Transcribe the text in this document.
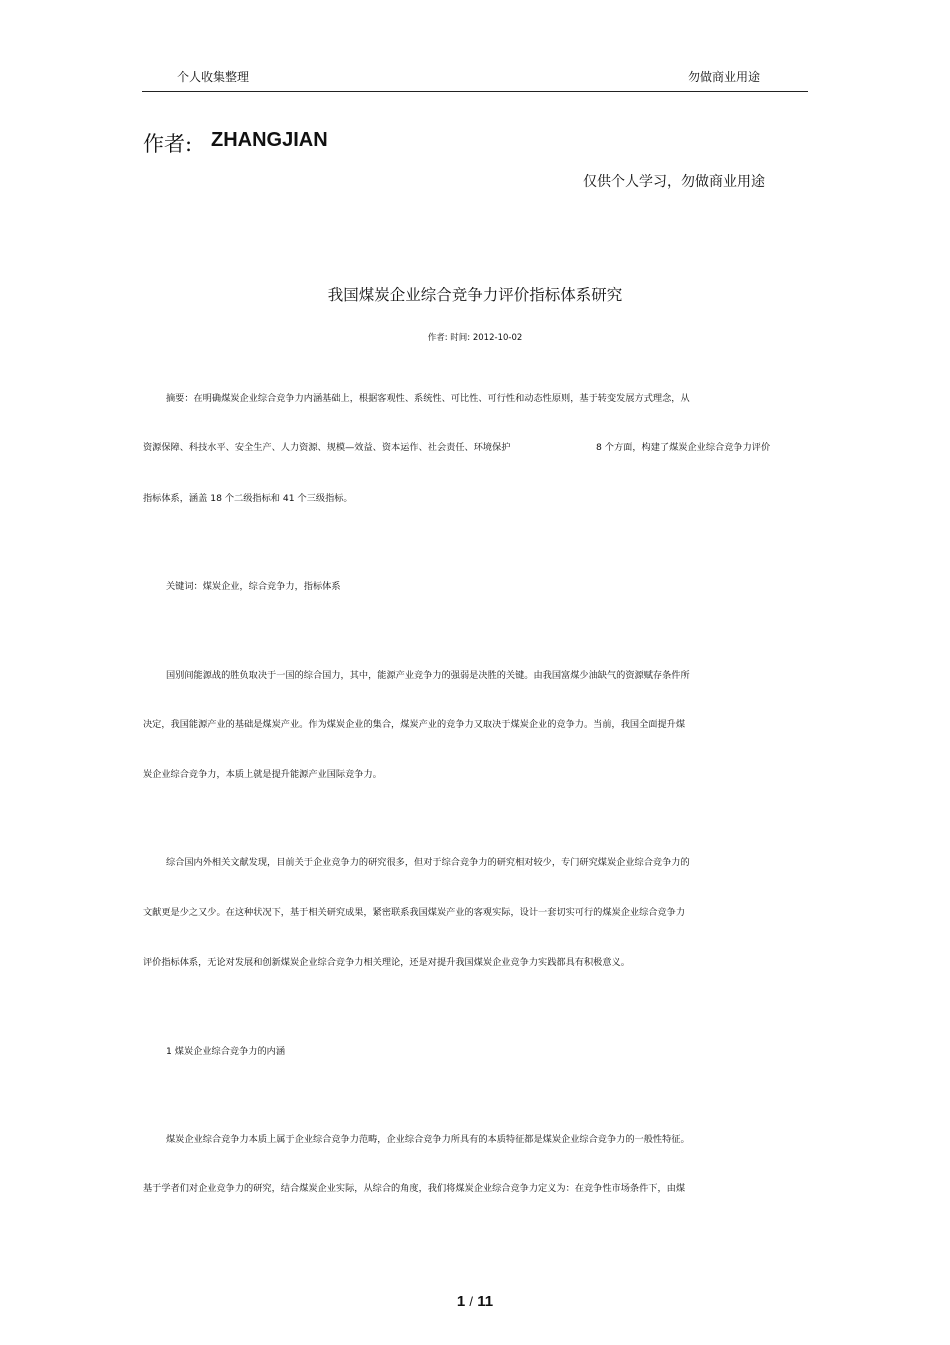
个人收集整理	勿做商业用途
作者: ZHANGJIAN
仅供个人学习，勿做商业用途
我国煤炭企业综合竞争力评价指标体系研究
作者: 时间: 2012-10-02
摘要：在明确煤炭企业综合竞争力内涵基础上，根据客观性、系统性、可比性、可行性和动态性原则，基于转变发展方式理念，从
资源保障、科技水平、安全生产、人力资源、规模—效益、资本运作、社会责任、环境保护	8 个方面，构建了煤炭企业综合竞争力评价
指标体系，涵盖 18 个二级指标和 41 个三级指标。
关键词：煤炭企业，综合竞争力，指标体系
国别间能源战的胜负取决于一国的综合国力，其中，能源产业竞争力的强弱是决胜的关键。由我国富煤少油缺气的资源赋存条件所
决定，我国能源产业的基础是煤炭产业。作为煤炭企业的集合，煤炭产业的竞争力又取决于煤炭企业的竞争力。当前，我国全面提升煤
炭企业综合竞争力，本质上就是提升能源产业国际竞争力。
综合国内外相关文献发现，目前关于企业竞争力的研究很多，但对于综合竞争力的研究相对较少，专门研究煤炭企业综合竞争力的
文献更是少之又少。在这种状况下，基于相关研究成果，紧密联系我国煤炭产业的客观实际，设计一套切实可行的煤炭企业综合竞争力
评价指标体系，无论对发展和创新煤炭企业综合竞争力相关理论，还是对提升我国煤炭企业竞争力实践都具有积极意义。
1 煤炭企业综合竞争力的内涵
煤炭企业综合竞争力本质上属于企业综合竞争力范畴，企业综合竞争力所具有的本质特征都是煤炭企业综合竞争力的一般性特征。
基于学者们对企业竞争力的研究，结合煤炭企业实际，从综合的角度，我们将煤炭企业综合竞争力定义为：在竞争性市场条件下，由煤
1 / 11
